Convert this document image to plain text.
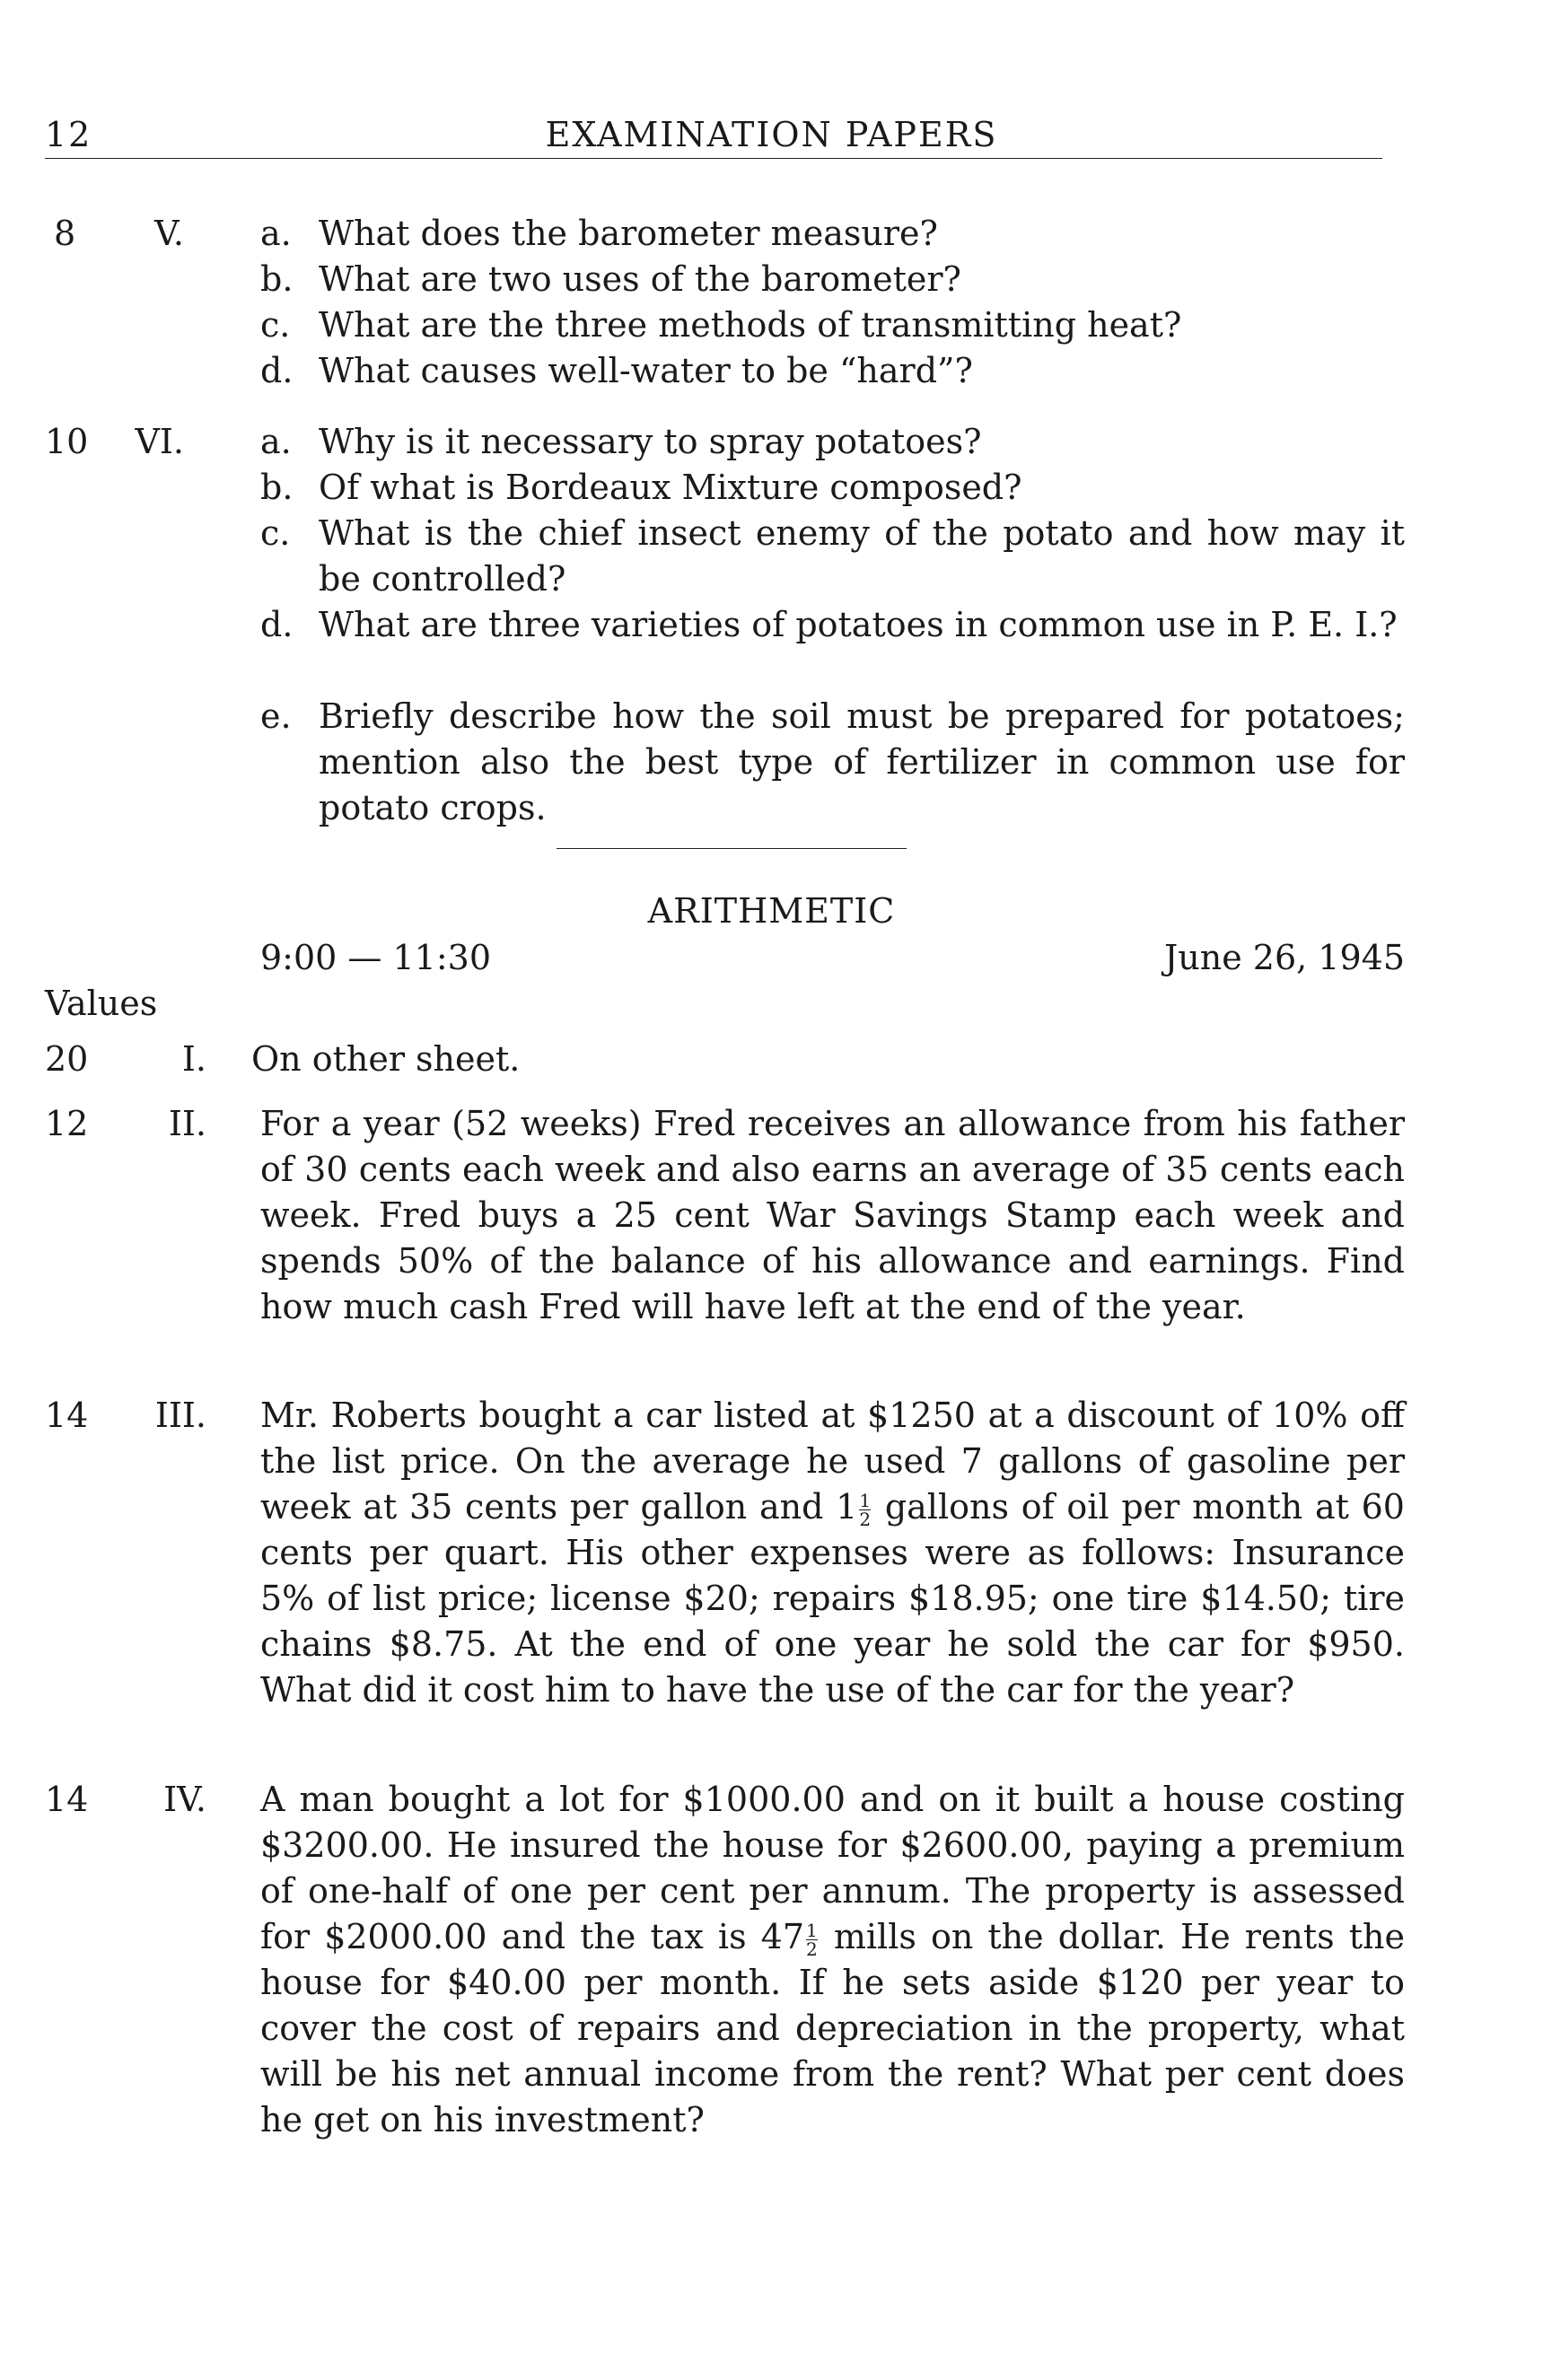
12	EXAMINATION PAPERS
8	V. a. What does the barometer measure?
b. What are two uses of the barometer?
c. What are the three methods of transmitting heat?
d. What causes well-water to be “hard”?
10	VI. a. Why is it necessary to spray potatoes?
b. Of what is Bordeaux Mixture composed?
c. What is the chief insect enemy of the potato and how may it be controlled?
d. What are three varieties of potatoes in common use in P. E. I.?
e. Briefly describe how the soil must be prepared for potatoes; mention also the best type of fertilizer in common use for potato crops.
ARITHMETIC
9:00 — 11:30	June 26, 1945
Values
20	I. On other sheet.
12	II. For a year (52 weeks) Fred receives an allowance from his father of 30 cents each week and also earns an average of 35 cents each week. Fred buys a 25 cent War Savings Stamp each week and spends 50% of the balance of his allowance and earnings. Find how much cash Fred will have left at the end of the year.
14	III. Mr. Roberts bought a car listed at $1250 at a discount of 10% off the list price. On the average he used 7 gallons of gasoline per week at 35 cents per gallon and $1 \frac{1}{2}$ gallons of oil per month at 60 cents per quart. His other expenses were as follows: Insurance 5% of list price; license $20; repairs $18.95; one tire $14.50; tire chains $8.75. At the end of one year he sold the car for $950. What did it cost him to have the use of the car for the year?
14	IV. A man bought a lot for $1000.00 and on it built a house costing $3200.00. He insured the house for $2600.00, paying a premium of one-half of one per cent per annum. The property is assessed for $2000.00 and the tax is $47 \frac{1}{2}$ mills on the dollar. He rents the house for $40.00 per month. If he sets aside $120 per year to cover the cost of repairs and depreciation in the property, what will be his net annual income from the rent? What per cent does he get on his investment?
